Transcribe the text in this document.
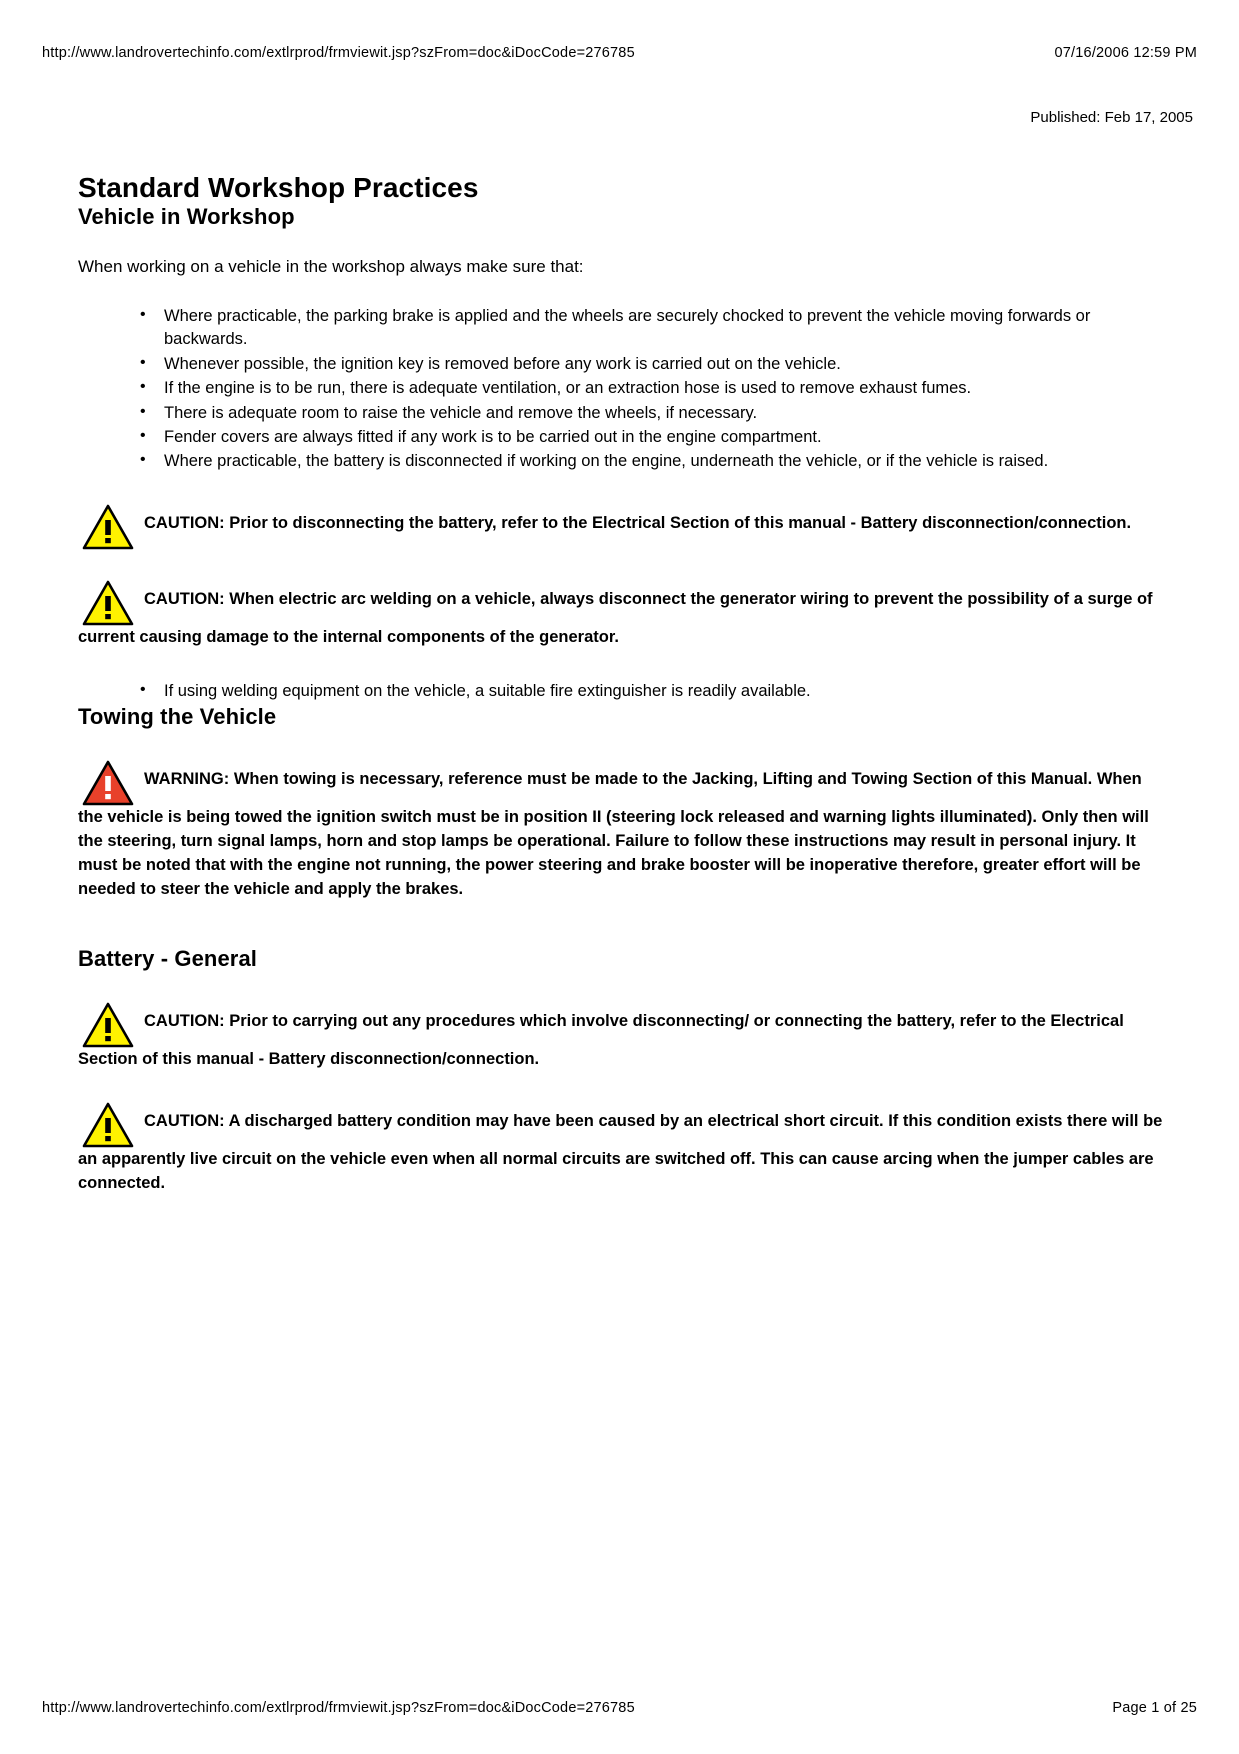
http://www.landrovertechinfo.com/extlrprod/frmviewit.jsp?szFrom=doc&iDocCode=276785	07/16/2006 12:59 PM
Published: Feb 17, 2005
Standard Workshop Practices
Vehicle in Workshop

When working on a vehicle in the workshop always make sure that:

• Where practicable, the parking brake is applied and the wheels are securely chocked to prevent the vehicle moving forwards or backwards.
• Whenever possible, the ignition key is removed before any work is carried out on the vehicle.
• If the engine is to be run, there is adequate ventilation, or an extraction hose is used to remove exhaust fumes.
• There is adequate room to raise the vehicle and remove the wheels, if necessary.
• Fender covers are always fitted if any work is to be carried out in the engine compartment.
• Where practicable, the battery is disconnected if working on the engine, underneath the vehicle, or if the vehicle is raised.
CAUTION: Prior to disconnecting the battery, refer to the Electrical Section of this manual - Battery disconnection/connection.
CAUTION: When electric arc welding on a vehicle, always disconnect the generator wiring to prevent the possibility of a surge of current causing damage to the internal components of the generator.
• If using welding equipment on the vehicle, a suitable fire extinguisher is readily available.
Towing the Vehicle
WARNING: When towing is necessary, reference must be made to the Jacking, Lifting and Towing Section of this Manual. When the vehicle is being towed the ignition switch must be in position II (steering lock released and warning lights illuminated). Only then will the steering, turn signal lamps, horn and stop lamps be operational. Failure to follow these instructions may result in personal injury. It must be noted that with the engine not running, the power steering and brake booster will be inoperative therefore, greater effort will be needed to steer the vehicle and apply the brakes.
Battery - General
CAUTION: Prior to carrying out any procedures which involve disconnecting/ or connecting the battery, refer to the Electrical Section of this manual - Battery disconnection/connection.
CAUTION: A discharged battery condition may have been caused by an electrical short circuit. If this condition exists there will be an apparently live circuit on the vehicle even when all normal circuits are switched off. This can cause arcing when the jumper cables are connected.
http://www.landrovertechinfo.com/extlrprod/frmviewit.jsp?szFrom=doc&iDocCode=276785	Page 1 of 25
